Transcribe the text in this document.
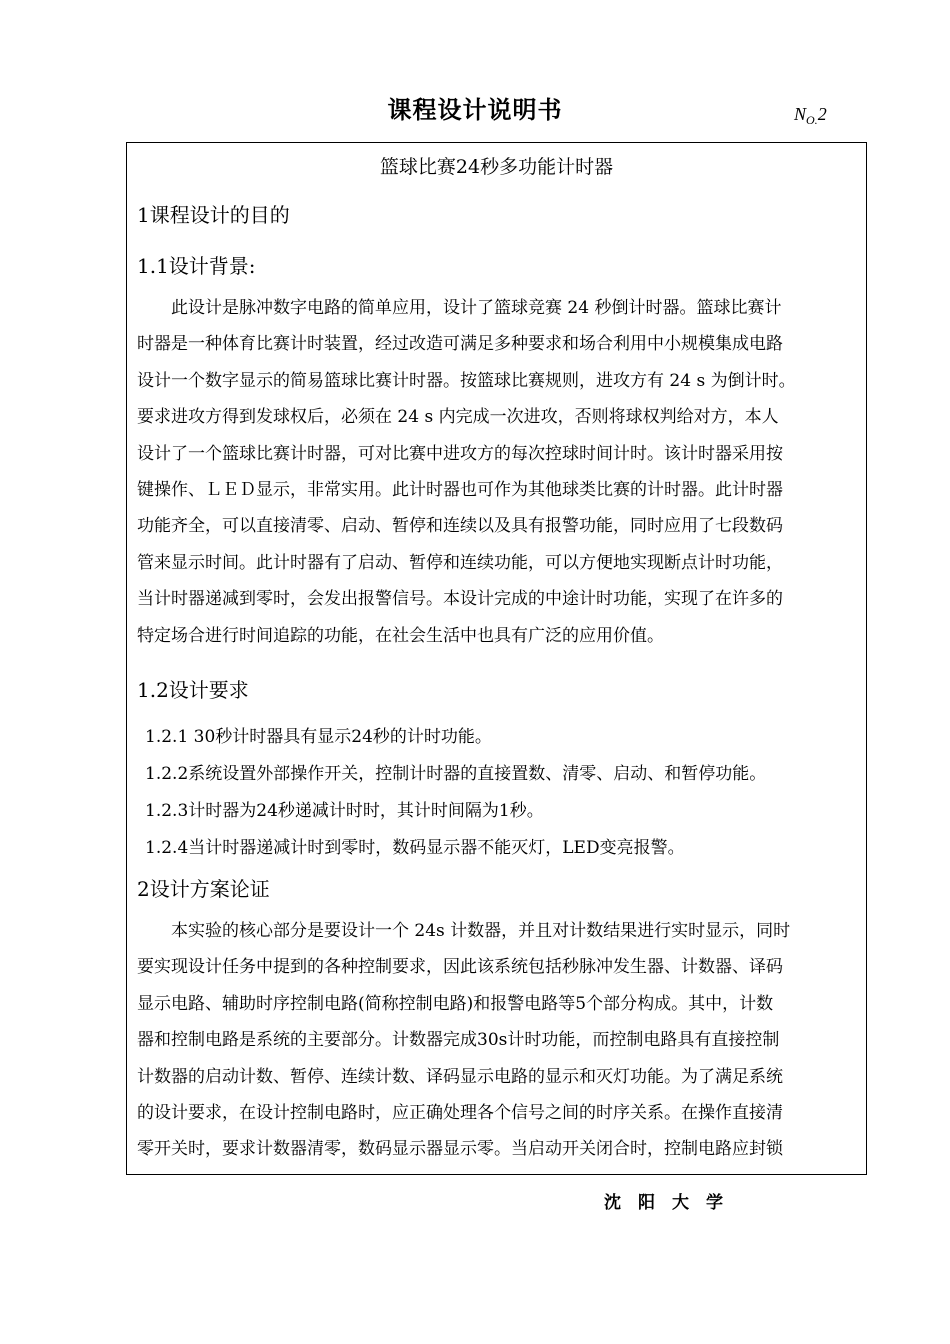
课程设计说明书	$N_{O.}2$
篮球比赛24秒多功能计时器
1课程设计的目的
1.1设计背景:
　　此设计是脉冲数字电路的简单应用，设计了篮球竞赛 24 秒倒计时器。篮球比赛计
时器是一种体育比赛计时装置，经过改造可满足多种要求和场合利用中小规模集成电路
设计一个数字显示的简易篮球比赛计时器。按篮球比赛规则，进攻方有 24 s 为倒计时。
要求进攻方得到发球权后，必须在 24 s 内完成一次进攻，否则将球权判给对方，本人
设计了一个篮球比赛计时器，可对比赛中进攻方的每次控球时间计时。该计时器采用按
键操作、ＬＥＤ显示，非常实用。此计时器也可作为其他球类比赛的计时器。此计时器
功能齐全，可以直接清零、启动、暂停和连续以及具有报警功能，同时应用了七段数码
管来显示时间。此计时器有了启动、暂停和连续功能，可以方便地实现断点计时功能，
当计时器递减到零时，会发出报警信号。本设计完成的中途计时功能，实现了在许多的
特定场合进行时间追踪的功能，在社会生活中也具有广泛的应用价值。
1.2设计要求
1.2.1 30秒计时器具有显示24秒的计时功能。
1.2.2系统设置外部操作开关，控制计时器的直接置数、清零、启动、和暂停功能。
1.2.3计时器为24秒递减计时时，其计时间隔为1秒。
1.2.4当计时器递减计时到零时，数码显示器不能灭灯，LED变亮报警。
2设计方案论证
　　本实验的核心部分是要设计一个 24s 计数器，并且对计数结果进行实时显示，同时
要实现设计任务中提到的各种控制要求，因此该系统包括秒脉冲发生器、计数器、译码
显示电路、辅助时序控制电路(简称控制电路)和报警电路等5个部分构成。其中，计数
器和控制电路是系统的主要部分。计数器完成30s计时功能，而控制电路具有直接控制
计数器的启动计数、暂停、连续计数、译码显示电路的显示和灭灯功能。为了满足系统
的设计要求，在设计控制电路时，应正确处理各个信号之间的时序关系。在操作直接清
零开关时，要求计数器清零，数码显示器显示零。当启动开关闭合时，控制电路应封锁
沈阳大学
